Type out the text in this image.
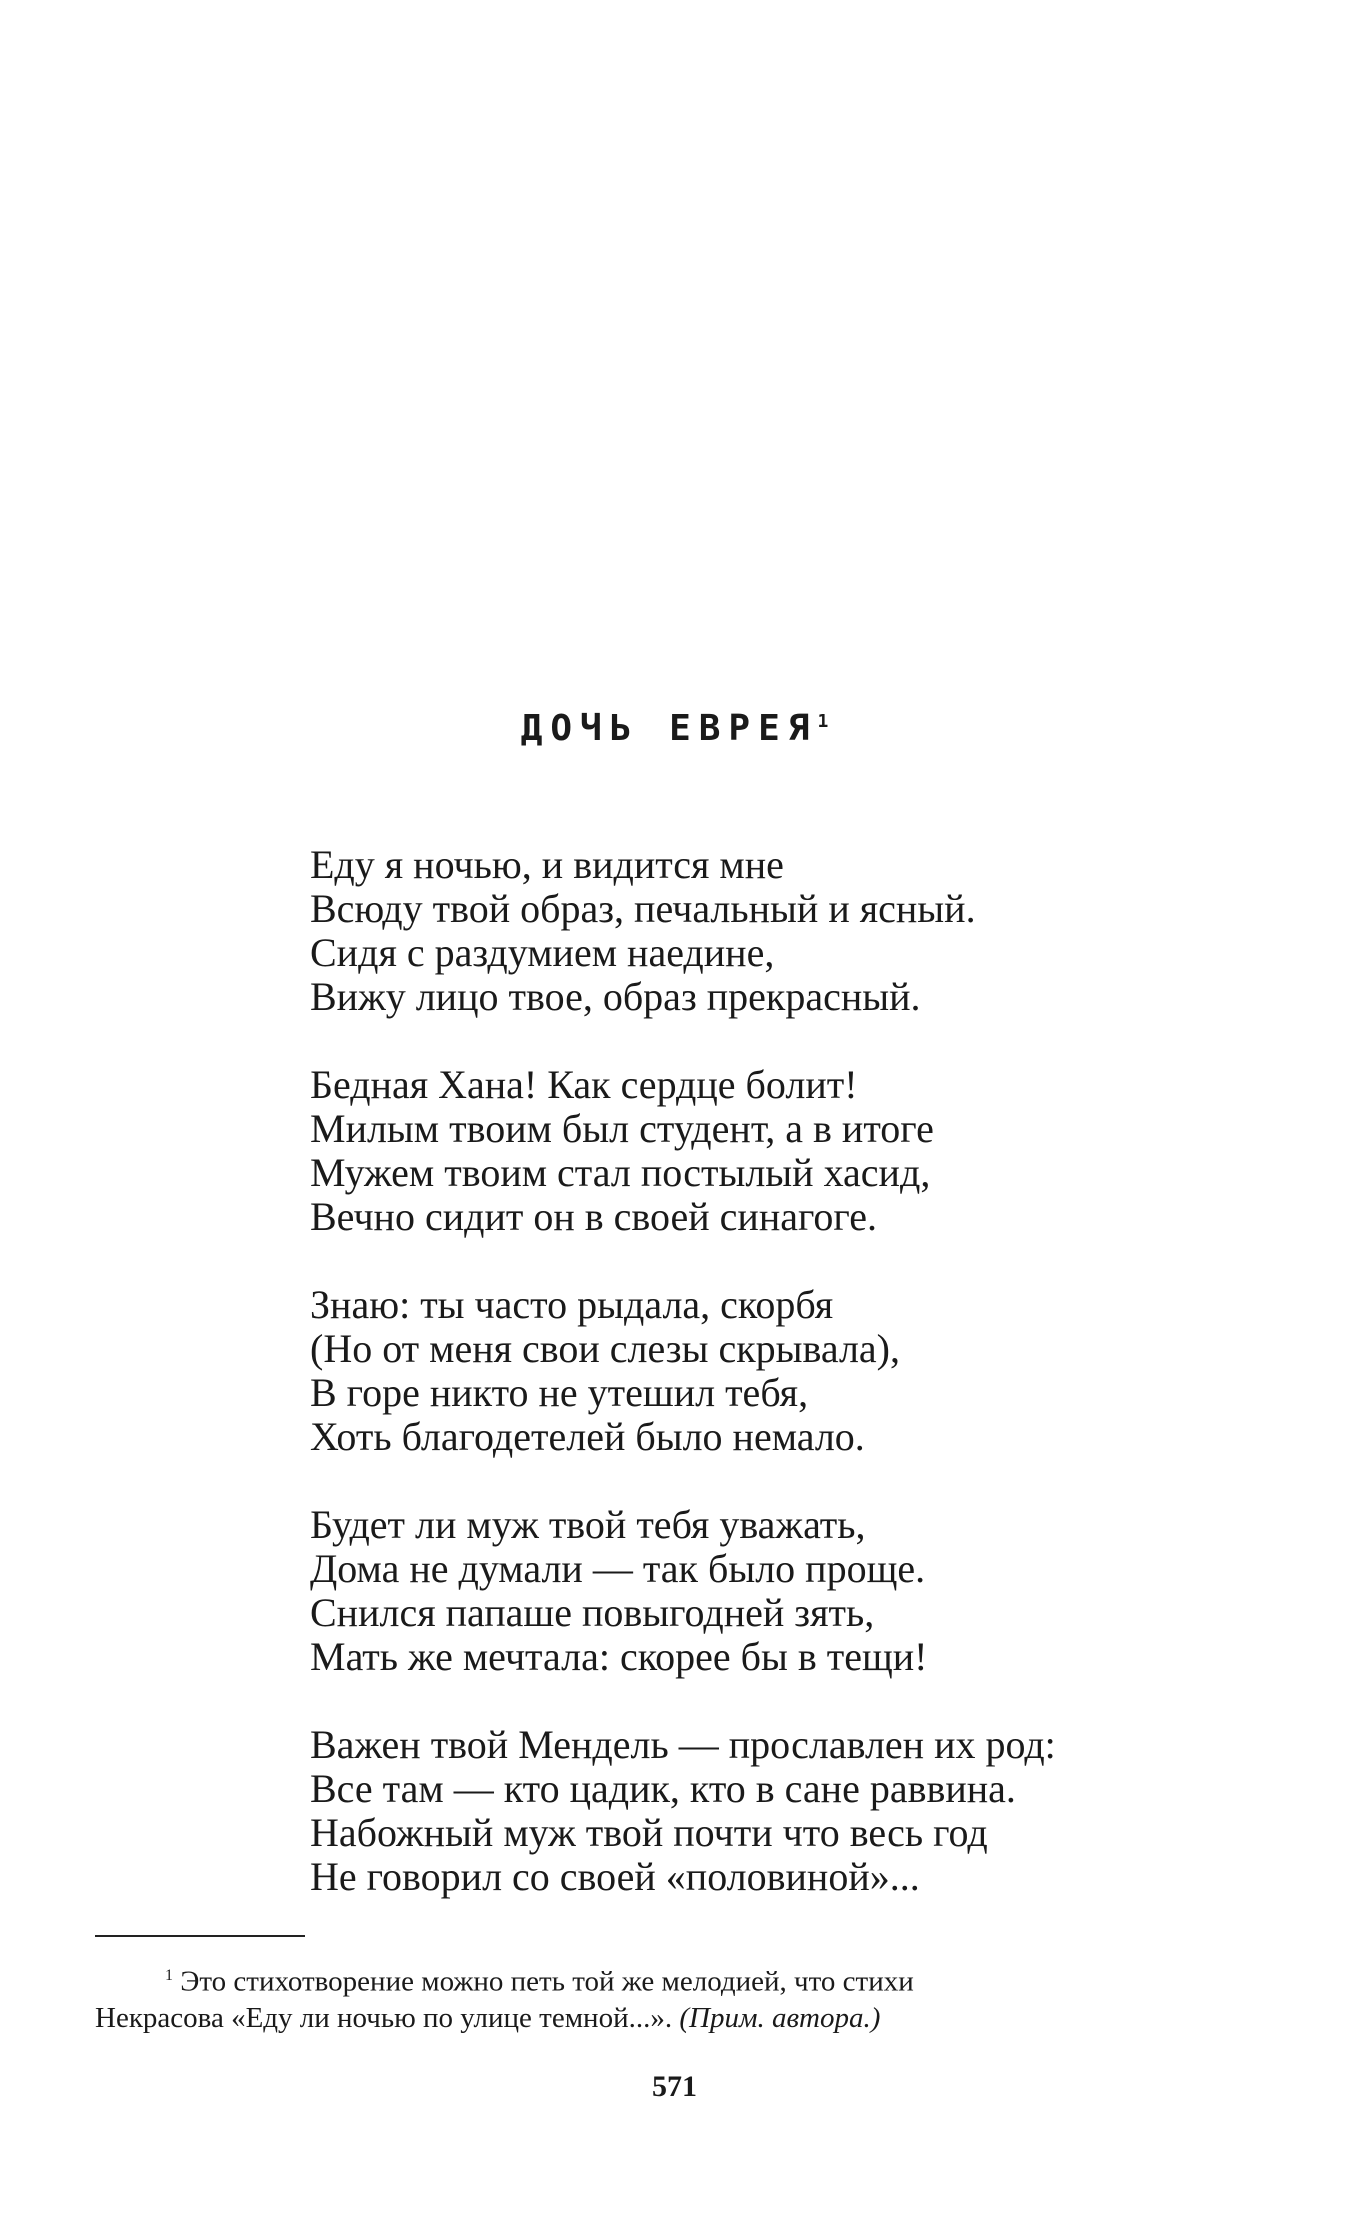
ДОЧЬ ЕВРЕЯ$^1$
Еду я ночью, и видится мне
Всюду твой образ, печальный и ясный.
Сидя с раздумием наедине,
Вижу лицо твое, образ прекрасный.
Бедная Хана! Как сердце болит!
Милым твоим был студент, а в итоге
Мужем твоим стал постылый хасид,
Вечно сидит он в своей синагоге.
Знаю: ты часто рыдала, скорбя
(Но от меня свои слезы скрывала),
В горе никто не утешил тебя,
Хоть благодетелей было немало.
Будет ли муж твой тебя уважать,
Дома не думали — так было проще.
Снился папаше повыгодней зять,
Мать же мечтала: скорее бы в тещи!
Важен твой Мендель — прославлен их род:
Все там — кто цадик, кто в сане раввина.
Набожный муж твой почти что весь год
Не говорил со своей «половиной»...
$^1$ Это стихотворение можно петь той же мелодией, что стихи
Некрасова «Еду ли ночью по улице темной...». (Прим. автора.)
571
